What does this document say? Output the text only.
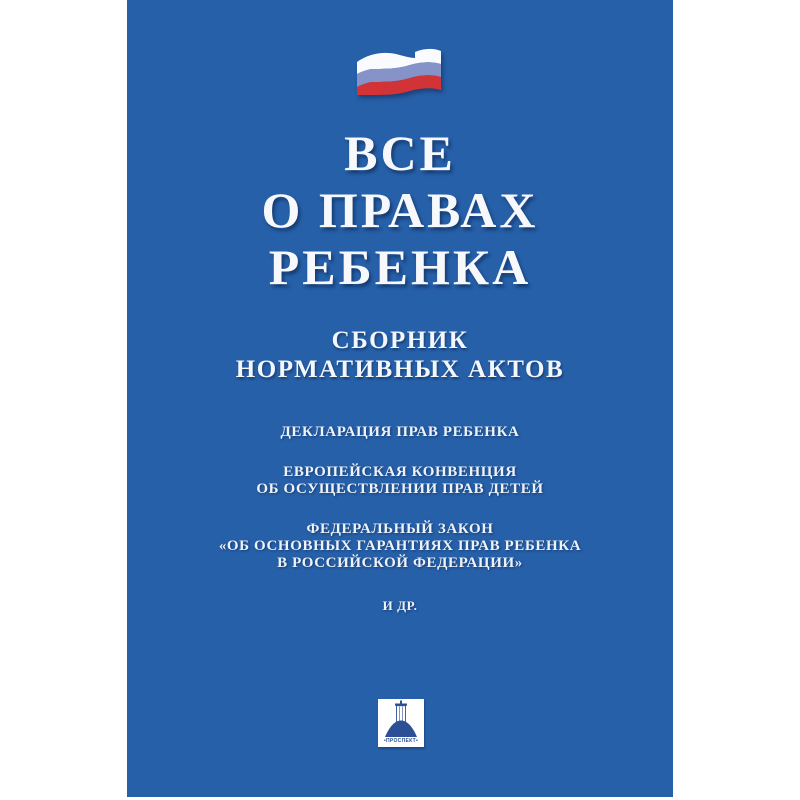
ВСЕ
О ПРАВАХ
РЕБЕНКА
СБОРНИК
НОРМАТИВНЫХ АКТОВ
ДЕКЛАРАЦИЯ ПРАВ РЕБЕНКА
ЕВРОПЕЙСКАЯ КОНВЕНЦИЯ
ОБ ОСУЩЕСТВЛЕНИИ ПРАВ ДЕТЕЙ
ФЕДЕРАЛЬНЫЙ ЗАКОН
«ОБ ОСНОВНЫХ ГАРАНТИЯХ ПРАВ РЕБЕНКА
В РОССИЙСКОЙ ФЕДЕРАЦИИ»
И ДР.
•ПРОСПЕКТ•
